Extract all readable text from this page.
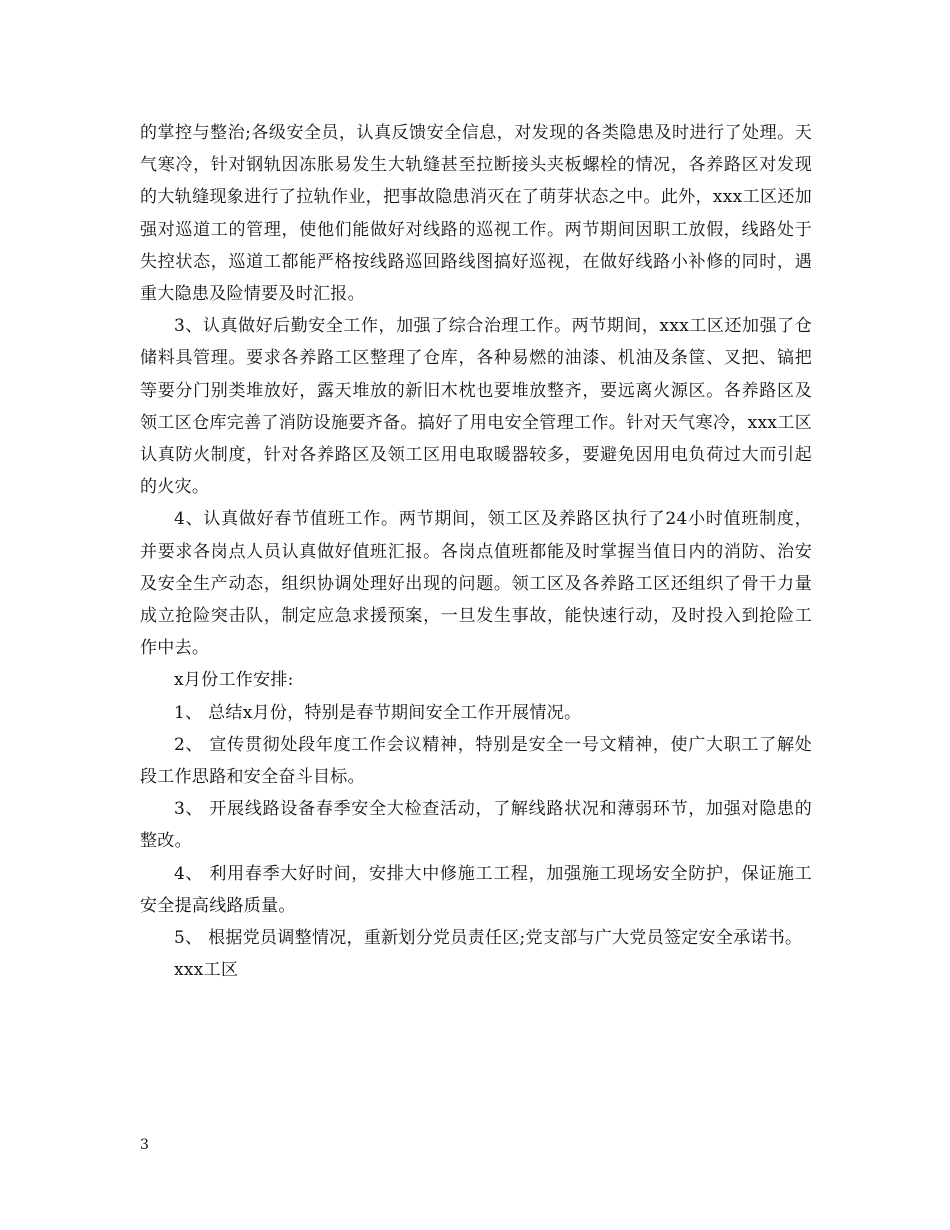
的掌控与整治;各级安全员，认真反馈安全信息，对发现的各类隐患及时进行了处理。天气寒冷，针对钢轨因冻胀易发生大轨缝甚至拉断接头夹板螺栓的情况，各养路区对发现的大轨缝现象进行了拉轨作业，把事故隐患消灭在了萌芽状态之中。此外，xxx工区还加强对巡道工的管理，使他们能做好对线路的巡视工作。两节期间因职工放假，线路处于失控状态，巡道工都能严格按线路巡回路线图搞好巡视，在做好线路小补修的同时，遇重大隐患及险情要及时汇报。

3、认真做好后勤安全工作，加强了综合治理工作。两节期间，xxx工区还加强了仓储料具管理。要求各养路工区整理了仓库，各种易燃的油漆、机油及条筐、叉把、镐把等要分门别类堆放好，露天堆放的新旧木枕也要堆放整齐，要远离火源区。各养路区及领工区仓库完善了消防设施要齐备。搞好了用电安全管理工作。针对天气寒冷，xxx工区认真防火制度，针对各养路区及领工区用电取暖器较多，要避免因用电负荷过大而引起的火灾。

4、认真做好春节值班工作。两节期间，领工区及养路区执行了24小时值班制度，并要求各岗点人员认真做好值班汇报。各岗点值班都能及时掌握当值日内的消防、治安及安全生产动态，组织协调处理好出现的问题。领工区及各养路工区还组织了骨干力量成立抢险突击队，制定应急求援预案，一旦发生事故，能快速行动，及时投入到抢险工作中去。

x月份工作安排:

1、 总结x月份，特别是春节期间安全工作开展情况。

2、 宣传贯彻处段年度工作会议精神，特别是安全一号文精神，使广大职工了解处段工作思路和安全奋斗目标。

3、 开展线路设备春季安全大检查活动，了解线路状况和薄弱环节，加强对隐患的整改。

4、 利用春季大好时间，安排大中修施工工程，加强施工现场安全防护，保证施工安全提高线路质量。

5、 根据党员调整情况，重新划分党员责任区;党支部与广大党员签定安全承诺书。

xxx工区

3
